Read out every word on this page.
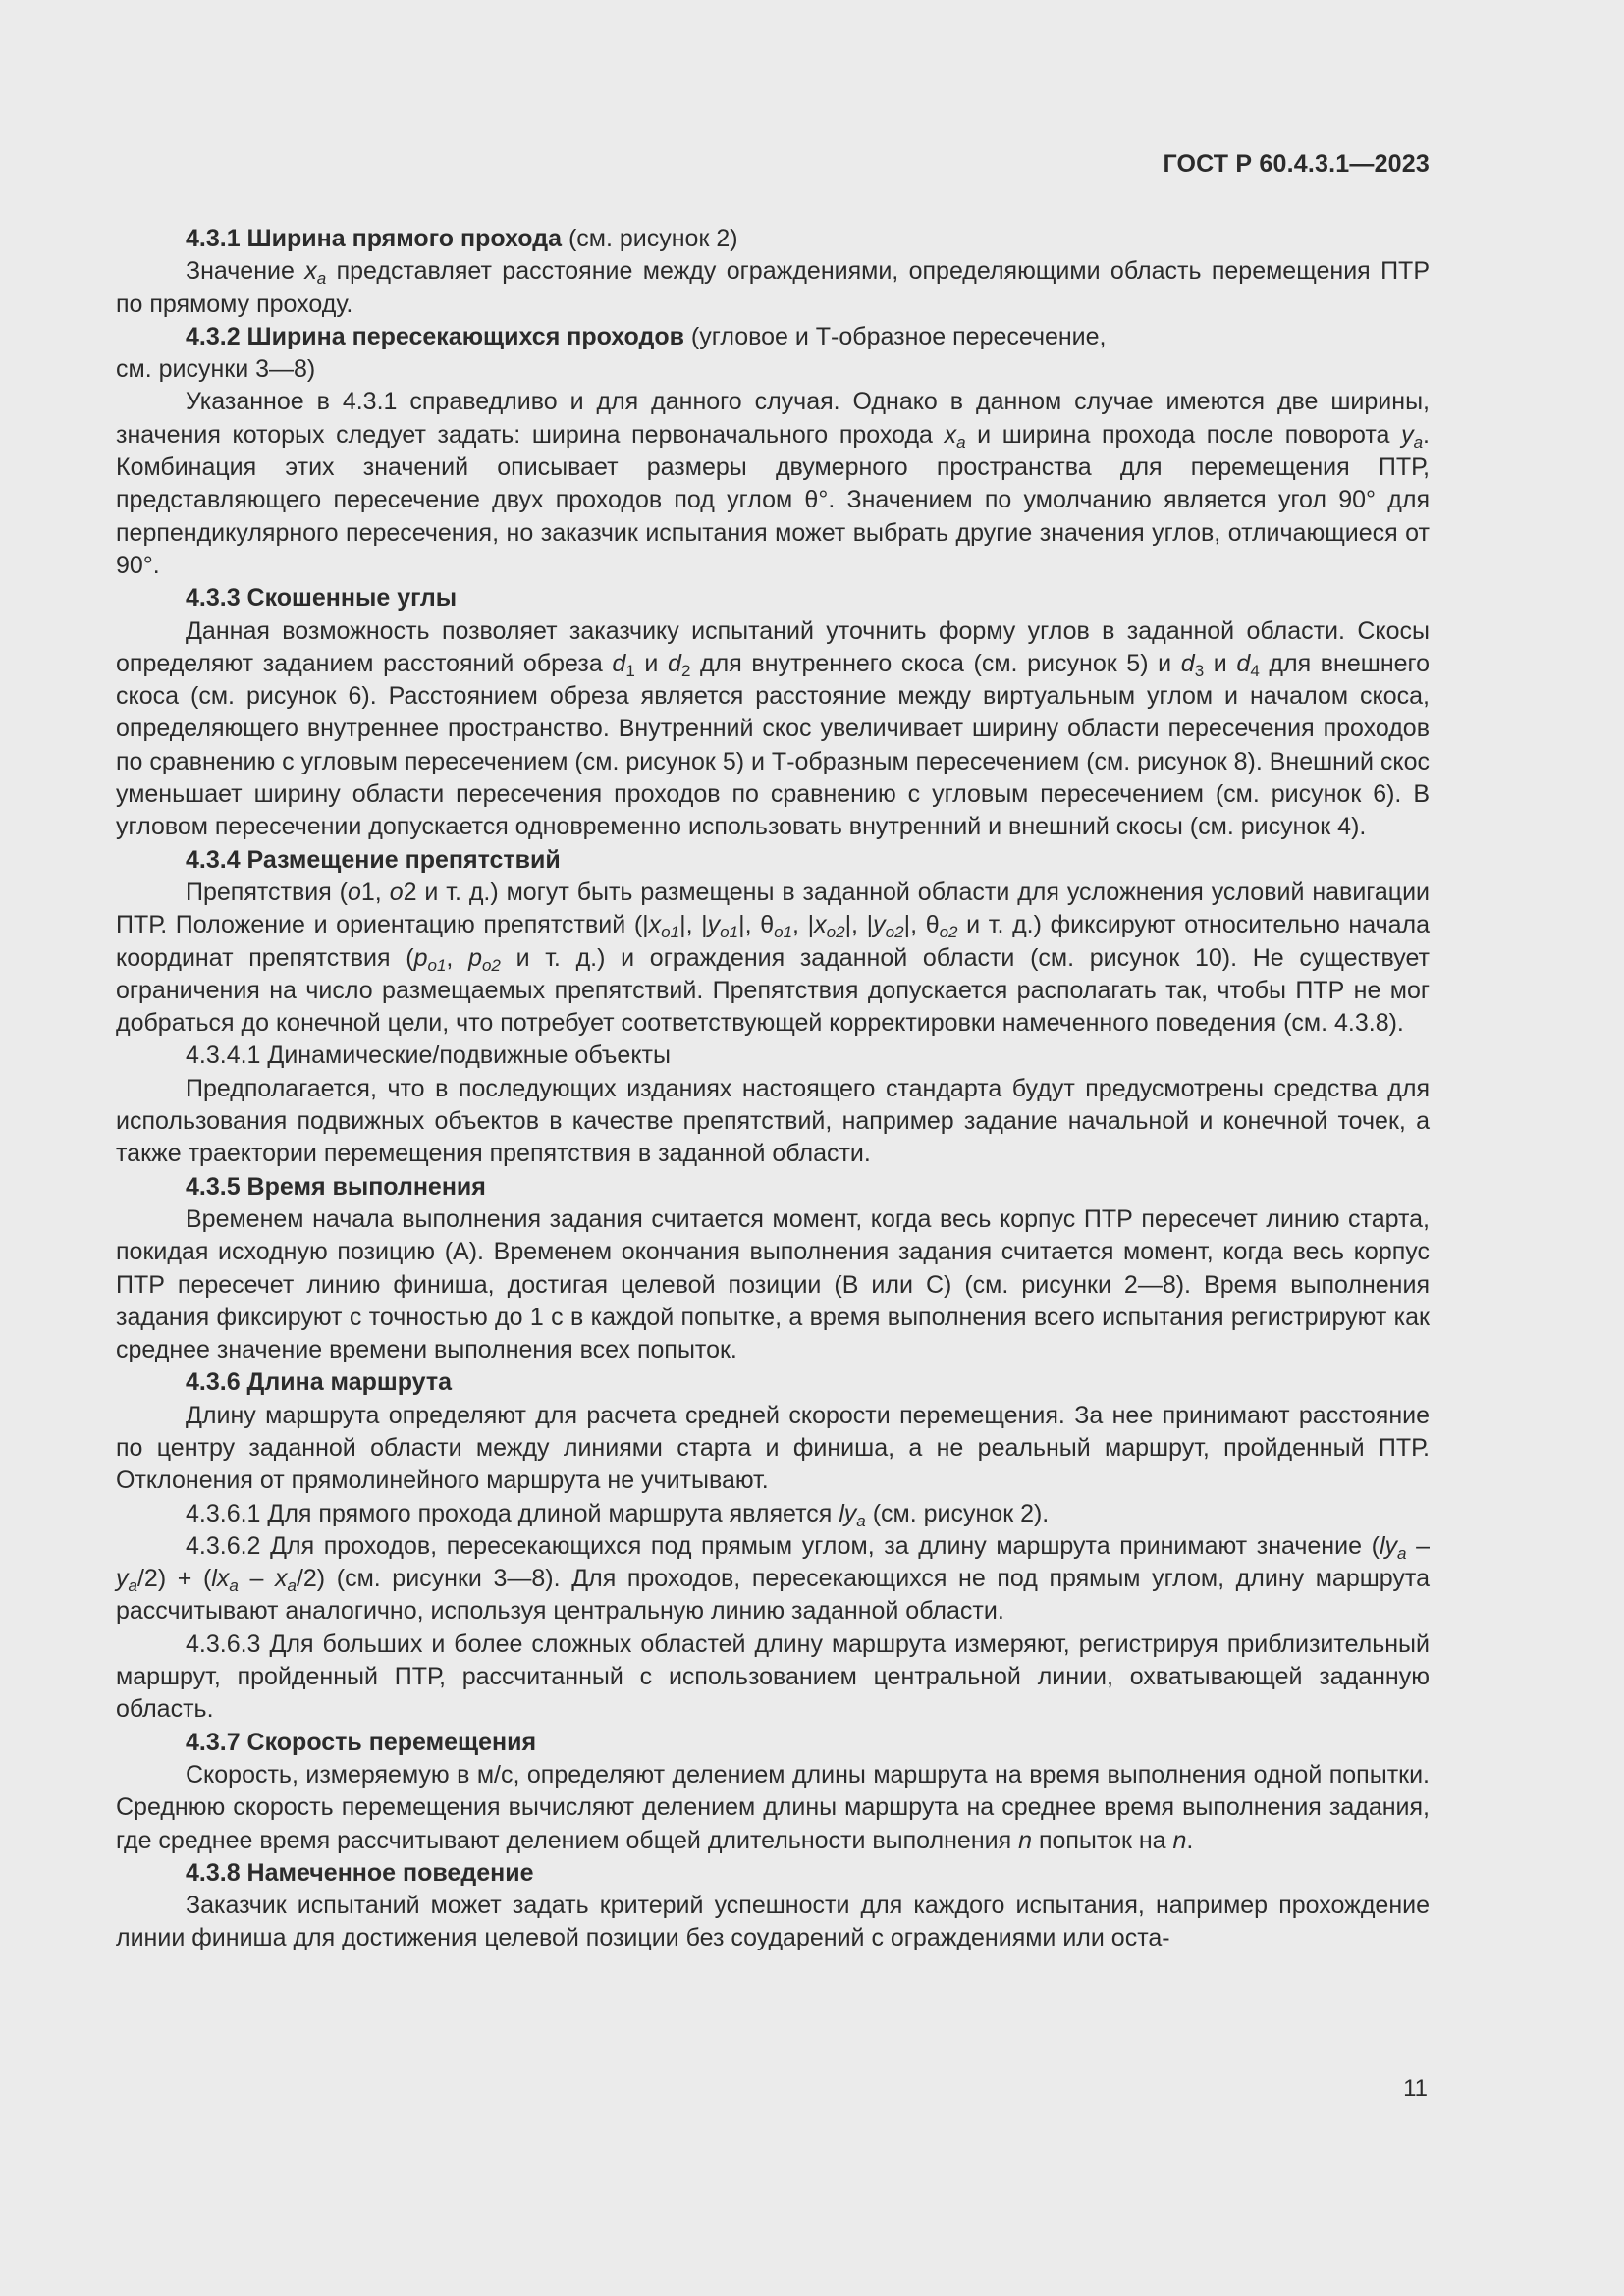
ГОСТ Р 60.4.3.1—2023

4.3.1 Ширина прямого прохода (см. рисунок 2)

Значение $x_a$ представляет расстояние между ограждениями, определяющими область перемещения ПТР по прямому проходу.

4.3.2 Ширина пересекающихся проходов (угловое и Т-образное пересечение,

см. рисунки 3—8)

Указанное в 4.3.1 справедливо и для данного случая. Однако в данном случае имеются две ширины, значения которых следует задать: ширина первоначального прохода $x_a$ и ширина прохода после поворота $y_a$. Комбинация этих значений описывает размеры двумерного пространства для перемещения ПТР, представляющего пересечение двух проходов под углом θ°. Значением по умолчанию является угол 90° для перпендикулярного пересечения, но заказчик испытания может выбрать другие значения углов, отличающиеся от 90°.

4.3.3 Скошенные углы

Данная возможность позволяет заказчику испытаний уточнить форму углов в заданной области. Скосы определяют заданием расстояний обреза $d_1$ и $d_2$ для внутреннего скоса (см. рисунок 5) и $d_3$ и $d_4$ для внешнего скоса (см. рисунок 6). Расстоянием обреза является расстояние между виртуальным углом и началом скоса, определяющего внутреннее пространство. Внутренний скос увеличивает ширину области пересечения проходов по сравнению с угловым пересечением (см. рисунок 5) и Т-образным пересечением (см. рисунок 8). Внешний скос уменьшает ширину области пересечения проходов по сравнению с угловым пересечением (см. рисунок 6). В угловом пересечении допускается одновременно использовать внутренний и внешний скосы (см. рисунок 4).

4.3.4 Размещение препятствий

Препятствия (o1, o2 и т. д.) могут быть размещены в заданной области для усложнения условий навигации ПТР. Положение и ориентацию препятствий ($|x_{o1}|$, $|y_{o1}|$, $\theta_{o1}$, $|x_{o2}|$, $|y_{o2}|$, $\theta_{o2}$ и т. д.) фиксируют относительно начала координат препятствия ($p_{o1}$, $p_{o2}$ и т. д.) и ограждения заданной области (см. рисунок 10). Не существует ограничения на число размещаемых препятствий. Препятствия допускается располагать так, чтобы ПТР не мог добраться до конечной цели, что потребует соответствующей корректировки намеченного поведения (см. 4.3.8).

4.3.4.1 Динамические/подвижные объекты

Предполагается, что в последующих изданиях настоящего стандарта будут предусмотрены средства для использования подвижных объектов в качестве препятствий, например задание начальной и конечной точек, а также траектории перемещения препятствия в заданной области.

4.3.5 Время выполнения

Временем начала выполнения задания считается момент, когда весь корпус ПТР пересечет линию старта, покидая исходную позицию (А). Временем окончания выполнения задания считается момент, когда весь корпус ПТР пересечет линию финиша, достигая целевой позиции (В или С) (см. рисунки 2—8). Время выполнения задания фиксируют с точностью до 1 с в каждой попытке, а время выполнения всего испытания регистрируют как среднее значение времени выполнения всех попыток.

4.3.6 Длина маршрута

Длину маршрута определяют для расчета средней скорости перемещения. За нее принимают расстояние по центру заданной области между линиями старта и финиша, а не реальный маршрут, пройденный ПТР. Отклонения от прямолинейного маршрута не учитывают.

4.3.6.1 Для прямого прохода длиной маршрута является $ly_a$ (см. рисунок 2).

4.3.6.2 Для проходов, пересекающихся под прямым углом, за длину маршрута принимают значение $(ly_a - y_a/2) + (lx_a - x_a/2)$ (см. рисунки 3—8). Для проходов, пересекающихся не под прямым углом, длину маршрута рассчитывают аналогично, используя центральную линию заданной области.

4.3.6.3 Для больших и более сложных областей длину маршрута измеряют, регистрируя приблизительный маршрут, пройденный ПТР, рассчитанный с использованием центральной линии, охватывающей заданную область.

4.3.7 Скорость перемещения

Скорость, измеряемую в м/с, определяют делением длины маршрута на время выполнения одной попытки. Среднюю скорость перемещения вычисляют делением длины маршрута на среднее время выполнения задания, где среднее время рассчитывают делением общей длительности выполнения n попыток на n.

4.3.8 Намеченное поведение

Заказчик испытаний может задать критерий успешности для каждого испытания, например прохождение линии финиша для достижения целевой позиции без соударений с ограждениями или оста-

11
